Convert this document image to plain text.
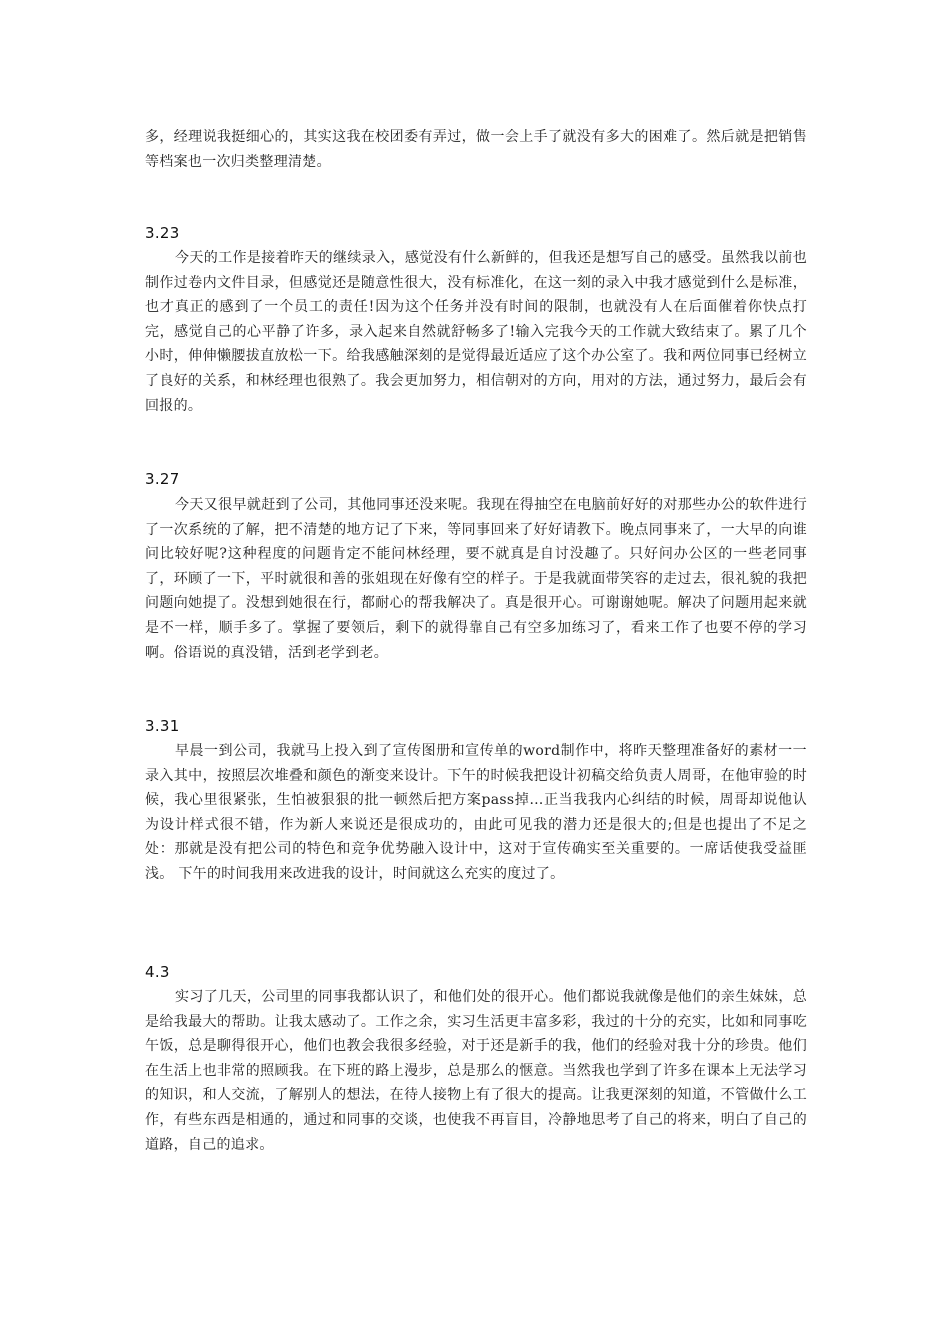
多，经理说我挺细心的，其实这我在校团委有弄过，做一会上手了就没有多大的困难了。然后就是把销售等档案也一次归类整理清楚。

3.23

今天的工作是接着昨天的继续录入，感觉没有什么新鲜的，但我还是想写自己的感受。虽然我以前也制作过卷内文件目录，但感觉还是随意性很大，没有标准化，在这一刻的录入中我才感觉到什么是标准，也才真正的感到了一个员工的责任!因为这个任务并没有时间的限制，也就没有人在后面催着你快点打完，感觉自己的心平静了许多，录入起来自然就舒畅多了!输入完我今天的工作就大致结束了。累了几个小时，伸伸懒腰拔直放松一下。给我感触深刻的是觉得最近适应了这个办公室了。我和两位同事已经树立了良好的关系，和林经理也很熟了。我会更加努力，相信朝对的方向，用对的方法，通过努力，最后会有回报的。

3.27

今天又很早就赶到了公司，其他同事还没来呢。我现在得抽空在电脑前好好的对那些办公的软件进行了一次系统的了解，把不清楚的地方记了下来，等同事回来了好好请教下。晚点同事来了，一大早的向谁问比较好呢?这种程度的问题肯定不能问林经理，要不就真是自讨没趣了。只好问办公区的一些老同事了，环顾了一下，平时就很和善的张姐现在好像有空的样子。于是我就面带笑容的走过去，很礼貌的我把问题向她提了。没想到她很在行，都耐心的帮我解决了。真是很开心。可谢谢她呢。解决了问题用起来就是不一样，顺手多了。掌握了要领后，剩下的就得靠自己有空多加练习了，看来工作了也要不停的学习啊。俗语说的真没错，活到老学到老。

3.31

早晨一到公司，我就马上投入到了宣传图册和宣传单的word制作中，将昨天整理准备好的素材一一录入其中，按照层次堆叠和颜色的渐变来设计。下午的时候我把设计初稿交给负责人周哥，在他审验的时候，我心里很紧张，生怕被狠狠的批一顿然后把方案pass掉…正当我我内心纠结的时候，周哥却说他认为设计样式很不错，作为新人来说还是很成功的，由此可见我的潜力还是很大的;但是也提出了不足之处：那就是没有把公司的特色和竞争优势融入设计中，这对于宣传确实至关重要的。一席话使我受益匪浅。 下午的时间我用来改进我的设计，时间就这么充实的度过了。

4.3

实习了几天，公司里的同事我都认识了，和他们处的很开心。他们都说我就像是他们的亲生妹妹，总是给我最大的帮助。让我太感动了。工作之余，实习生活更丰富多彩，我过的十分的充实，比如和同事吃午饭，总是聊得很开心，他们也教会我很多经验，对于还是新手的我，他们的经验对我十分的珍贵。他们在生活上也非常的照顾我。在下班的路上漫步，总是那么的惬意。当然我也学到了许多在课本上无法学习的知识，和人交流，了解别人的想法，在待人接物上有了很大的提高。让我更深刻的知道，不管做什么工作，有些东西是相通的，通过和同事的交谈，也使我不再盲目，冷静地思考了自己的将来，明白了自己的道路，自己的追求。
